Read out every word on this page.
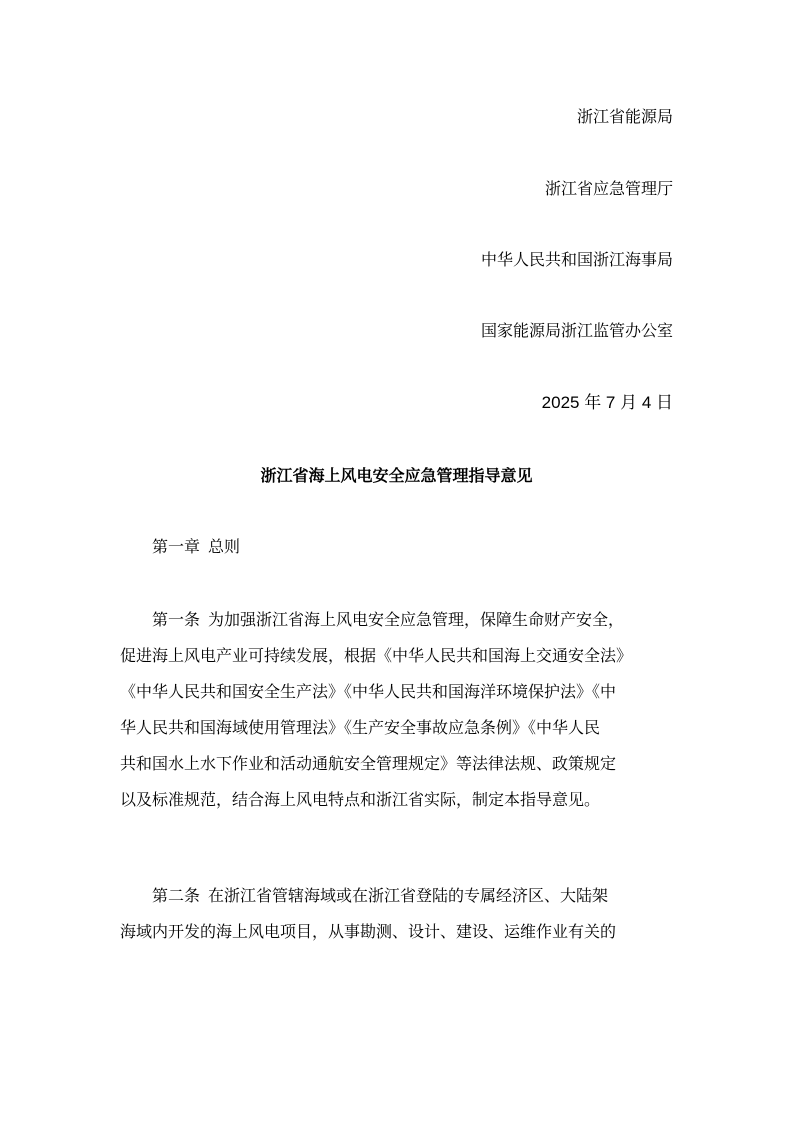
浙江省能源局
浙江省应急管理厅
中华人民共和国浙江海事局
国家能源局浙江监管办公室
2025 年 7 月 4 日
浙江省海上风电安全应急管理指导意见
第一章 总则
第一条 为加强浙江省海上风电安全应急管理，保障生命财产安全，
促进海上风电产业可持续发展，根据《中华人民共和国海上交通安全法》
《中华人民共和国安全生产法》《中华人民共和国海洋环境保护法》《中
华人民共和国海域使用管理法》《生产安全事故应急条例》《中华人民
共和国水上水下作业和活动通航安全管理规定》等法律法规、政策规定
以及标准规范，结合海上风电特点和浙江省实际，制定本指导意见。
第二条 在浙江省管辖海域或在浙江省登陆的专属经济区、大陆架
海域内开发的海上风电项目，从事勘测、设计、建设、运维作业有关的
